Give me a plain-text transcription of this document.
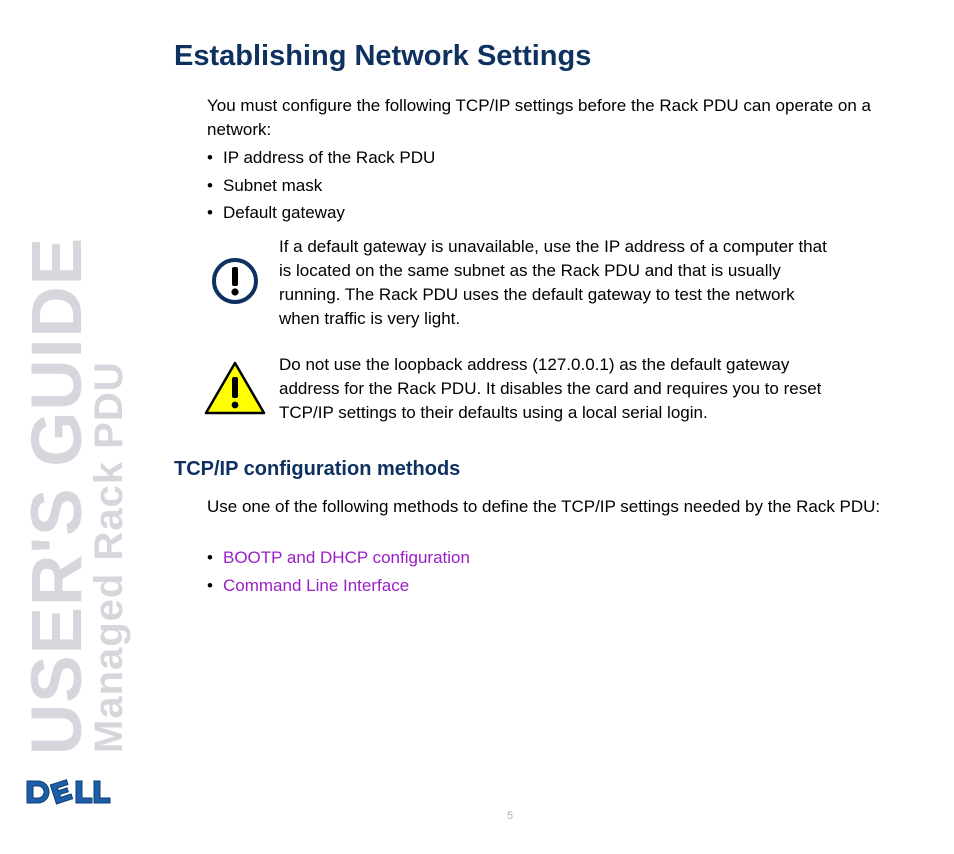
USER'S GUIDE
Managed Rack PDU
Establishing Network Settings

You must configure the following TCP/IP settings before the Rack PDU can operate on a network:

• IP address of the Rack PDU
• Subnet mask
• Default gateway

If a default gateway is unavailable, use the IP address of a computer that is located on the same subnet as the Rack PDU and that is usually running. The Rack PDU uses the default gateway to test the network when traffic is very light.

Do not use the loopback address (127.0.0.1) as the default gateway address for the Rack PDU. It disables the card and requires you to reset TCP/IP settings to their defaults using a local serial login.

TCP/IP configuration methods

Use one of the following methods to define the TCP/IP settings needed by the Rack PDU:

• BOOTP and DHCP configuration
• Command Line Interface
5
